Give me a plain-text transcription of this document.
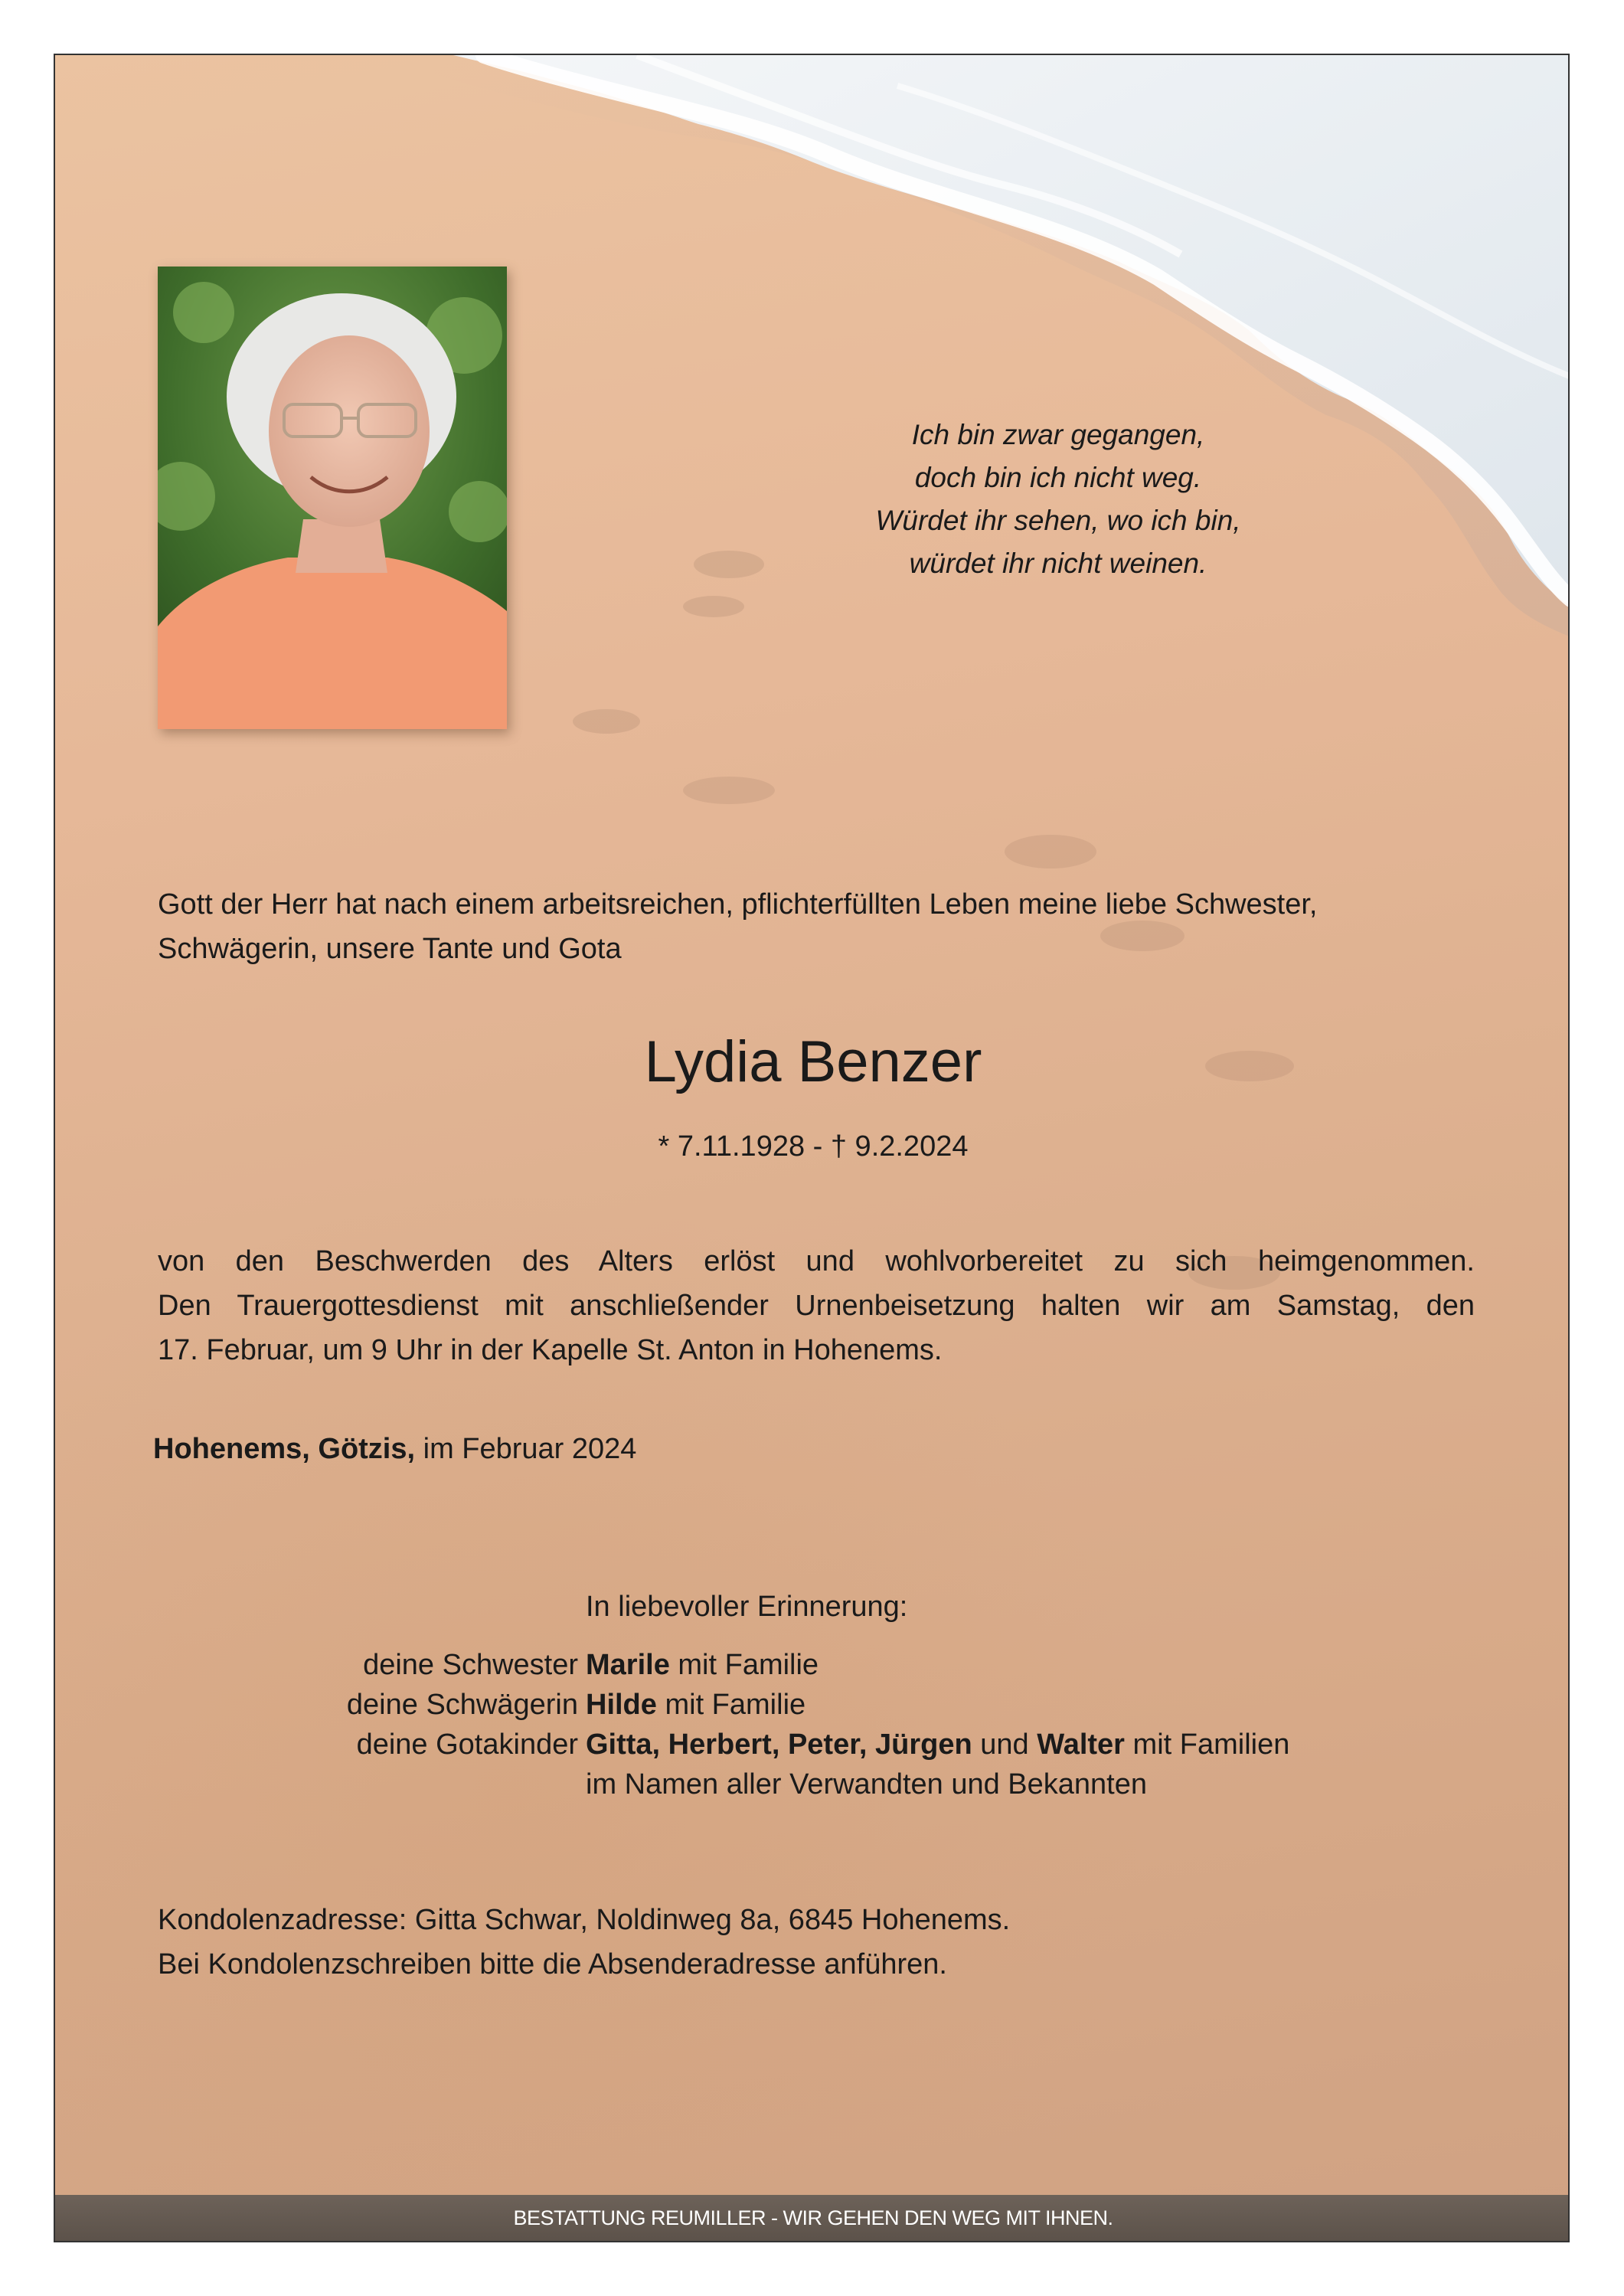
Ich bin zwar gegangen,
doch bin ich nicht weg.
Würdet ihr sehen, wo ich bin,
würdet ihr nicht weinen.
Gott der Herr hat nach einem arbeitsreichen, pflichterfüllten Leben meine liebe Schwester,
Schwägerin, unsere Tante und Gota
Lydia Benzer
* 7.11.1928 - † 9.2.2024
von den Beschwerden des Alters erlöst und wohlvorbereitet zu sich heimgenommen.
Den Trauergottesdienst mit anschließender Urnenbeisetzung halten wir am Samstag, den
17. Februar, um 9 Uhr in der Kapelle St. Anton in Hohenems.
Hohenems, Götzis, im Februar 2024
In liebevoller Erinnerung:
deine Schwester Marile mit Familie
deine Schwägerin Hilde mit Familie
deine Gotakinder Gitta, Herbert, Peter, Jürgen und Walter mit Familien
im Namen aller Verwandten und Bekannten
Kondolenzadresse: Gitta Schwar, Noldinweg 8a, 6845 Hohenems.
Bei Kondolenzschreiben bitte die Absenderadresse anführen.
BESTATTUNG REUMILLER - WIR GEHEN DEN WEG MIT IHNEN.
